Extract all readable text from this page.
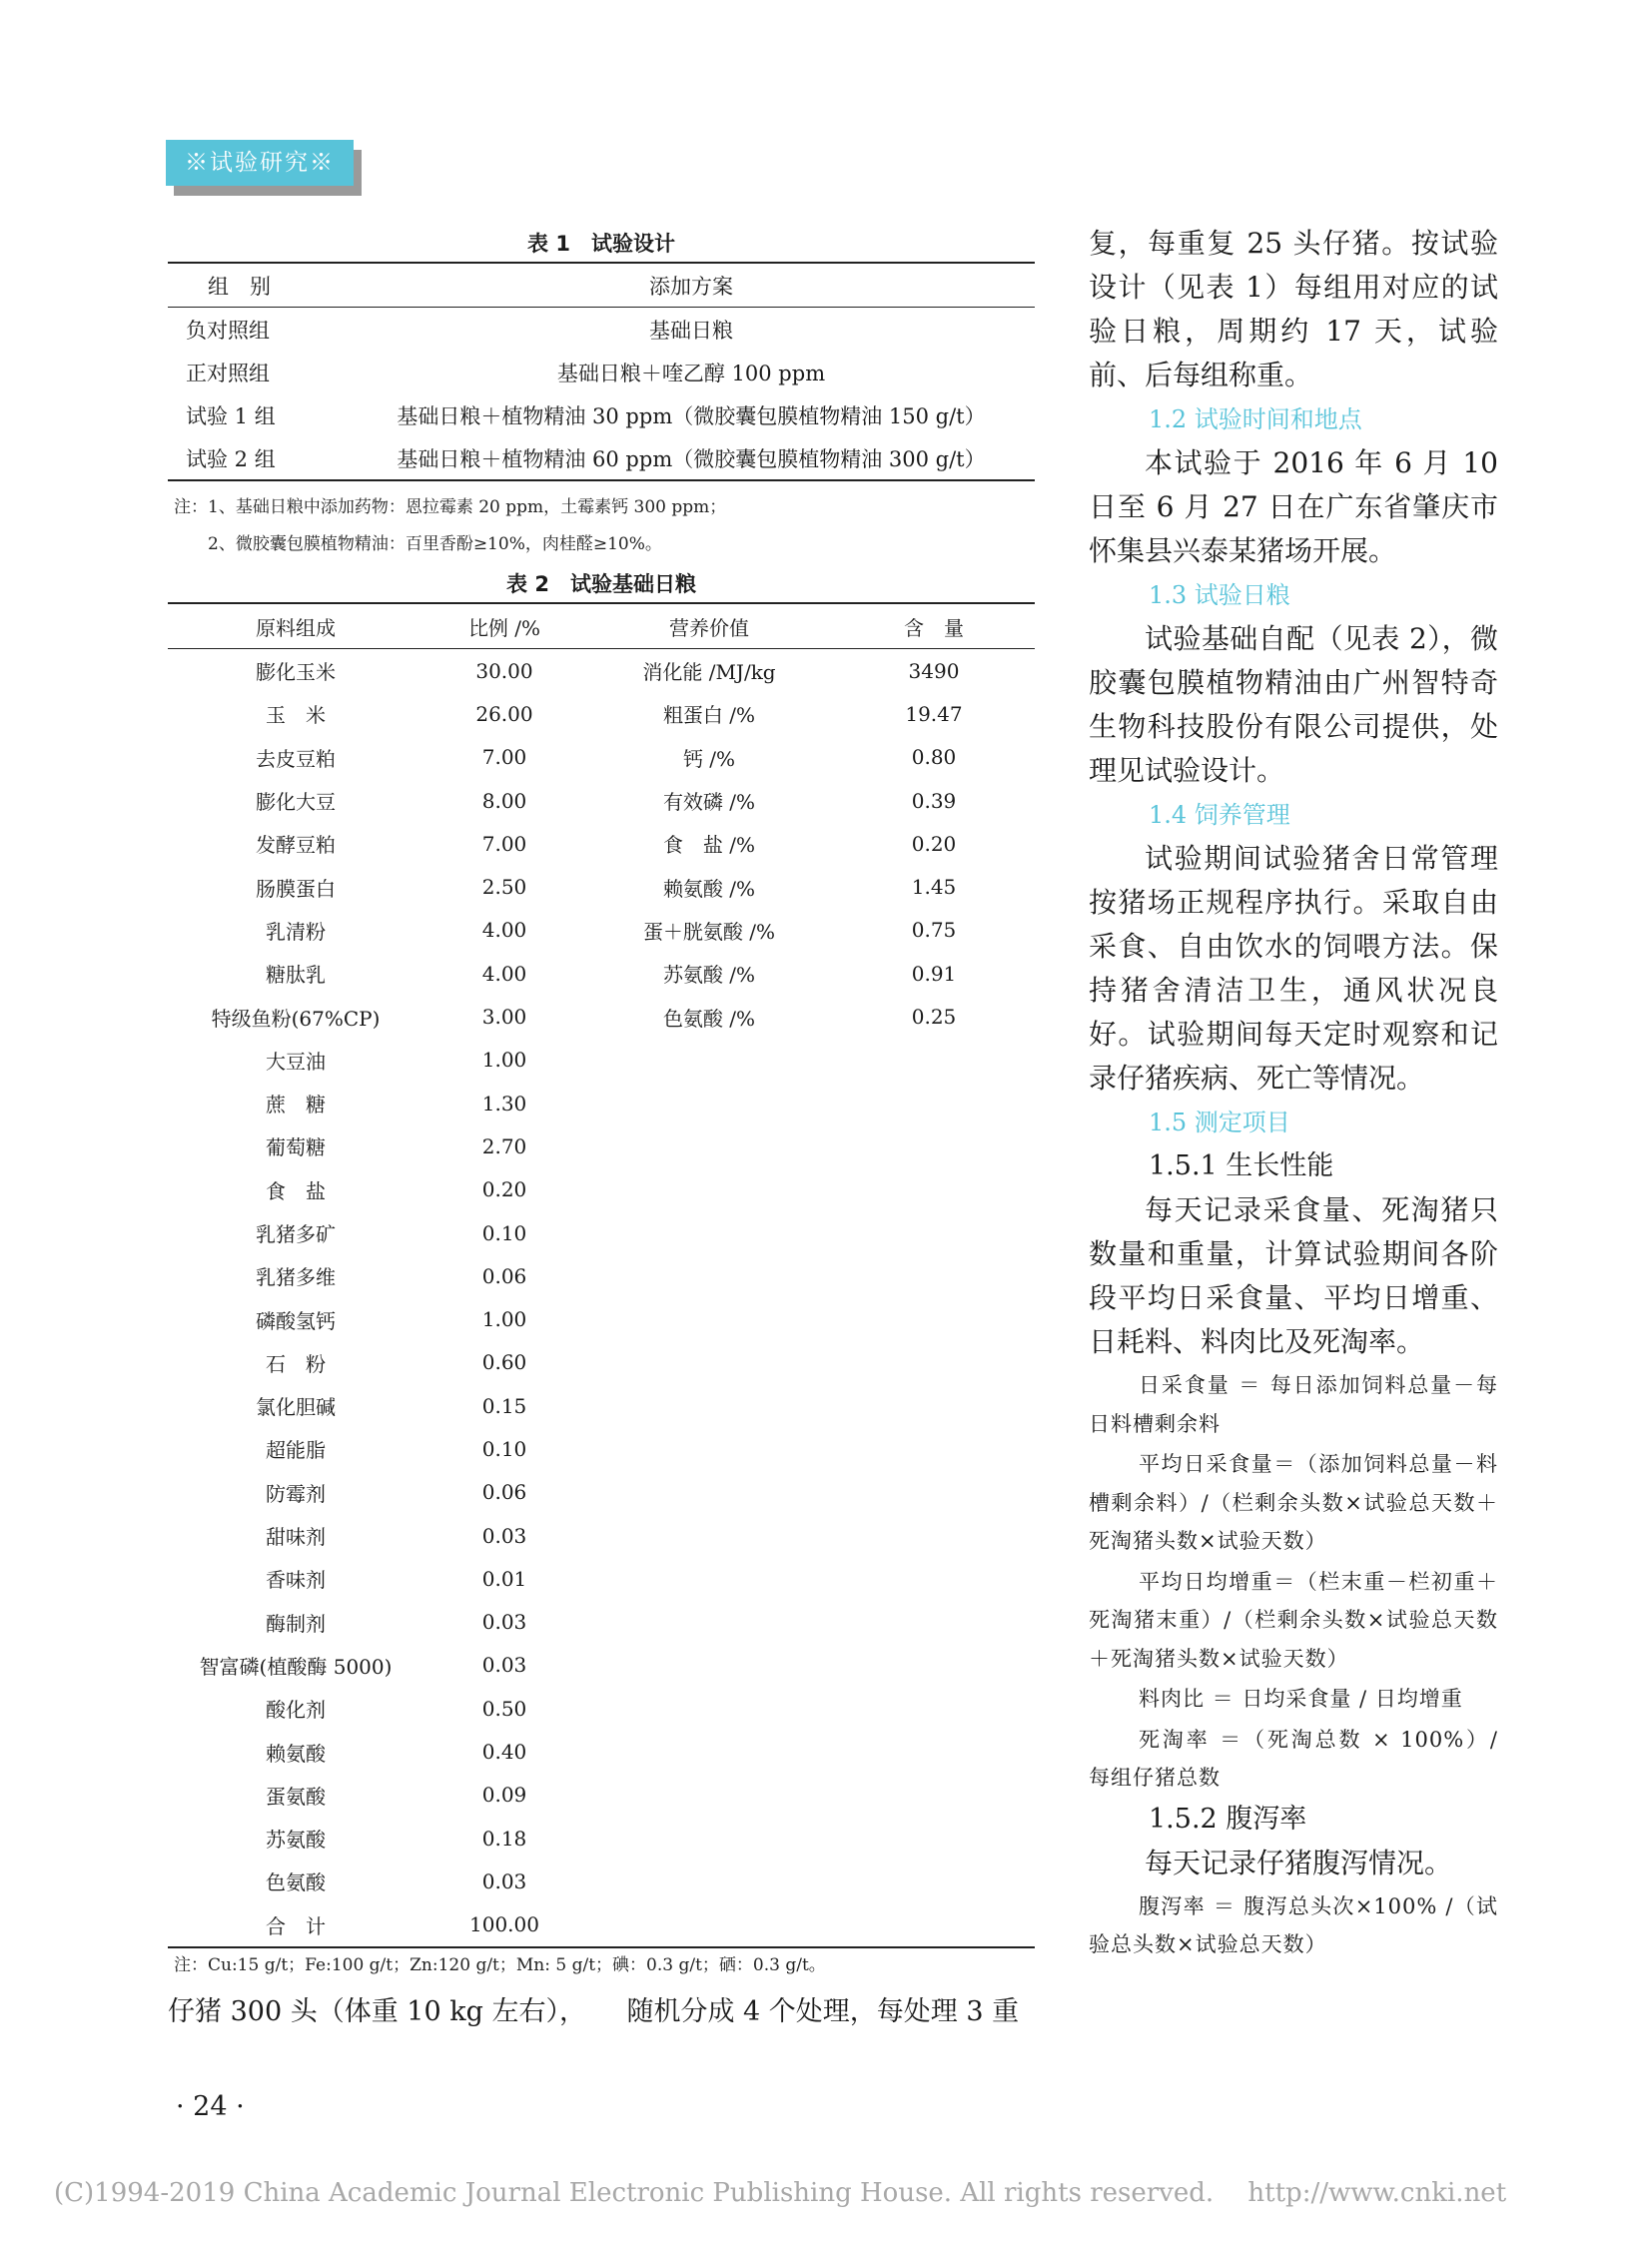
※试验研究※
表 1　试验设计
组　别	添加方案
负对照组	基础日粮
正对照组	基础日粮＋喹乙醇 100 ppm
试验 1 组	基础日粮＋植物精油 30 ppm（微胶囊包膜植物精油 150 g/t）
试验 2 组	基础日粮＋植物精油 60 ppm（微胶囊包膜植物精油 300 g/t）
注：1、基础日粮中添加药物：恩拉霉素 20 ppm，土霉素钙 300 ppm；
2、微胶囊包膜植物精油：百里香酚≥10%，肉桂醛≥10%。
表 2　试验基础日粮
原料组成	比例 /%	营养价值	含　量
膨化玉米	30.00	消化能 /MJ/kg	3490
玉　米	26.00	粗蛋白 /%	19.47
去皮豆粕	7.00	钙 /%	0.80
膨化大豆	8.00	有效磷 /%	0.39
发酵豆粕	7.00	食　盐 /%	0.20
肠膜蛋白	2.50	赖氨酸 /%	1.45
乳清粉	4.00	蛋＋胱氨酸 /%	0.75
糖肽乳	4.00	苏氨酸 /%	0.91
特级鱼粉(67%CP)	3.00	色氨酸 /%	0.25
大豆油	1.00		
蔗　糖	1.30		
葡萄糖	2.70		
食　盐	0.20		
乳猪多矿	0.10		
乳猪多维	0.06		
磷酸氢钙	1.00		
石　粉	0.60		
氯化胆碱	0.15		
超能脂	0.10		
防霉剂	0.06		
甜味剂	0.03		
香味剂	0.01		
酶制剂	0.03		
智富磷(植酸酶 5000)	0.03		
酸化剂	0.50		
赖氨酸	0.40		
蛋氨酸	0.09		
苏氨酸	0.18		
色氨酸	0.03		
合　计	100.00		
注：Cu:15 g/t；Fe:100 g/t；Zn:120 g/t；Mn: 5 g/t；碘：0.3 g/t；硒：0.3 g/t。
仔猪 300 头（体重 10 kg 左右），　　随机分成 4 个处理，每处理 3 重

复，每重复 25 头仔猪。按试验设计（见表 1）每组用对应的试验日粮，周期约 17 天，试验前、后每组称重。

1.2 试验时间和地点

本试验于 2016 年 6 月 10 日至 6 月 27 日在广东省肇庆市怀集县兴泰某猪场开展。

1.3 试验日粮

试验基础自配（见表 2），微胶囊包膜植物精油由广州智特奇生物科技股份有限公司提供，处理见试验设计。

1.4 饲养管理

试验期间试验猪舍日常管理按猪场正规程序执行。采取自由采食、自由饮水的饲喂方法。保持猪舍清洁卫生，通风状况良好。试验期间每天定时观察和记录仔猪疾病、死亡等情况。

1.5 测定项目

1.5.1 生长性能

每天记录采食量、死淘猪只数量和重量，计算试验期间各阶段平均日采食量、平均日增重、日耗料、料肉比及死淘率。

日采食量 ＝ 每日添加饲料总量－每日料槽剩余料

平均日采食量＝（添加饲料总量－料槽剩余料）/（栏剩余头数×试验总天数＋死淘猪头数×试验天数）

平均日均增重＝（栏末重－栏初重＋死淘猪末重）/（栏剩余头数×试验总天数＋死淘猪头数×试验天数）

料肉比 ＝ 日均采食量 / 日均增重

死淘率 ＝（死淘总数 × 100%）/ 每组仔猪总数

1.5.2 腹泻率

每天记录仔猪腹泻情况。

腹泻率 ＝ 腹泻总头次×100% /（试验总头数×试验总天数）

· 24 ·
(C)1994-2019 China Academic Journal Electronic Publishing House. All rights reserved.　 http://www.cnki.net
